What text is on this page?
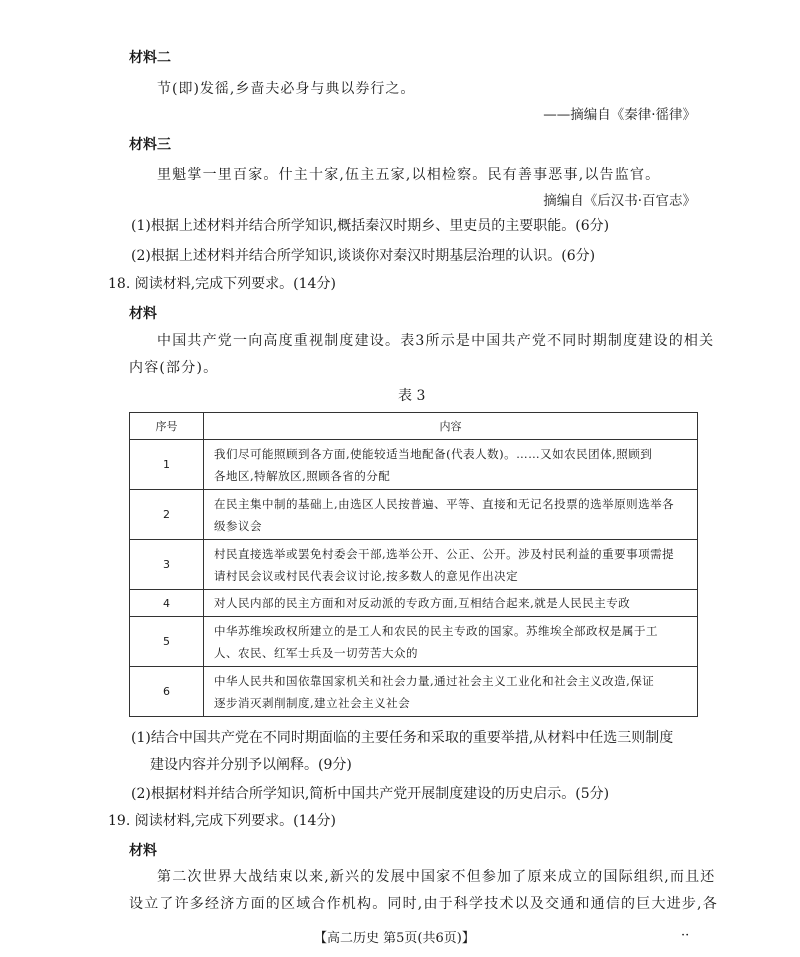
材料二
节(即)发徭,乡啬夫必身与典以券行之。
——摘编自《秦律·徭律》
材料三
里魁掌一里百家。什主十家,伍主五家,以相检察。民有善事恶事,以告监官。
摘编自《后汉书·百官志》
(1)根据上述材料并结合所学知识,概括秦汉时期乡、里吏员的主要职能。(6分)
(2)根据上述材料并结合所学知识,谈谈你对秦汉时期基层治理的认识。(6分)
18. 阅读材料,完成下列要求。(14分)
材料
中国共产党一向高度重视制度建设。表3所示是中国共产党不同时期制度建设的相关
内容(部分)。
表 3
序号	内容
1	我们尽可能照顾到各方面,使能较适当地配备(代表人数)。……又如农民团体,照顾到
各地区,特解放区,照顾各省的分配

2	在民主集中制的基础上,由选区人民按普遍、平等、直接和无记名投票的选举原则选举各
级参议会

3	村民直接选举或罢免村委会干部,选举公开、公正、公开。涉及村民利益的重要事项需提
请村民会议或村民代表会议讨论,按多数人的意见作出决定

4	对人民内部的民主方面和对反动派的专政方面,互相结合起来,就是人民民主专政

5	中华苏维埃政权所建立的是工人和农民的民主专政的国家。苏维埃全部政权是属于工
人、农民、红军士兵及一切劳苦大众的

6	中华人民共和国依靠国家机关和社会力量,通过社会主义工业化和社会主义改造,保证
逐步消灭剥削制度,建立社会主义社会
(1)结合中国共产党在不同时期面临的主要任务和采取的重要举措,从材料中任选三则制度
建设内容并分别予以阐释。(9分)
(2)根据材料并结合所学知识,简析中国共产党开展制度建设的历史启示。(5分)
19. 阅读材料,完成下列要求。(14分)
材料
第二次世界大战结束以来,新兴的发展中国家不但参加了原来成立的国际组织,而且还
设立了许多经济方面的区域合作机构。同时,由于科学技术以及交通和通信的巨大进步,各
【高二历史 第5页(共6页)】	··
